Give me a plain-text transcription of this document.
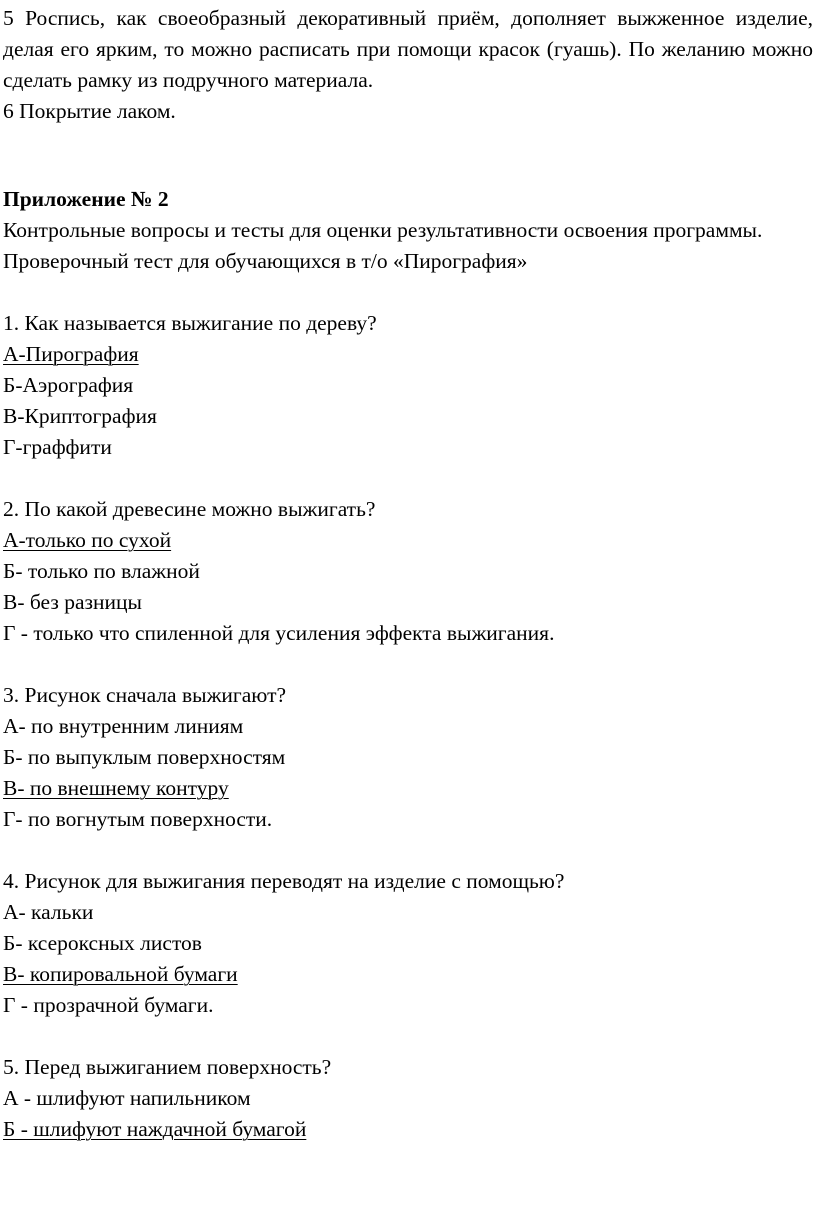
5 Роспись, как своеобразный декоративный приём, дополняет выжженное изделие, делая его ярким, то можно расписать при помощи красок (гуашь). По желанию можно сделать рамку из подручного материала.

6 Покрытие лаком.

Приложение № 2

Контрольные вопросы и тесты для оценки результативности освоения программы.

Проверочный тест для обучающихся в т/о «Пирография»

1. Как называется выжигание по дереву?

А-Пирография

Б-Аэрография

В-Криптография

Г-граффити

2. По какой древесине можно выжигать?

А-только по сухой

Б- только по влажной

В- без разницы

Г - только что спиленной для усиления эффекта выжигания.

3. Рисунок сначала выжигают?

А- по внутренним линиям

Б- по выпуклым поверхностям

В- по внешнему контуру

Г- по вогнутым поверхности.

4. Рисунок для выжигания переводят на изделие с помощью?

А- кальки

Б- ксероксных листов

В- копировальной бумаги

Г - прозрачной бумаги.

5. Перед выжиганием поверхность?

А - шлифуют напильником

Б - шлифуют наждачной бумагой
